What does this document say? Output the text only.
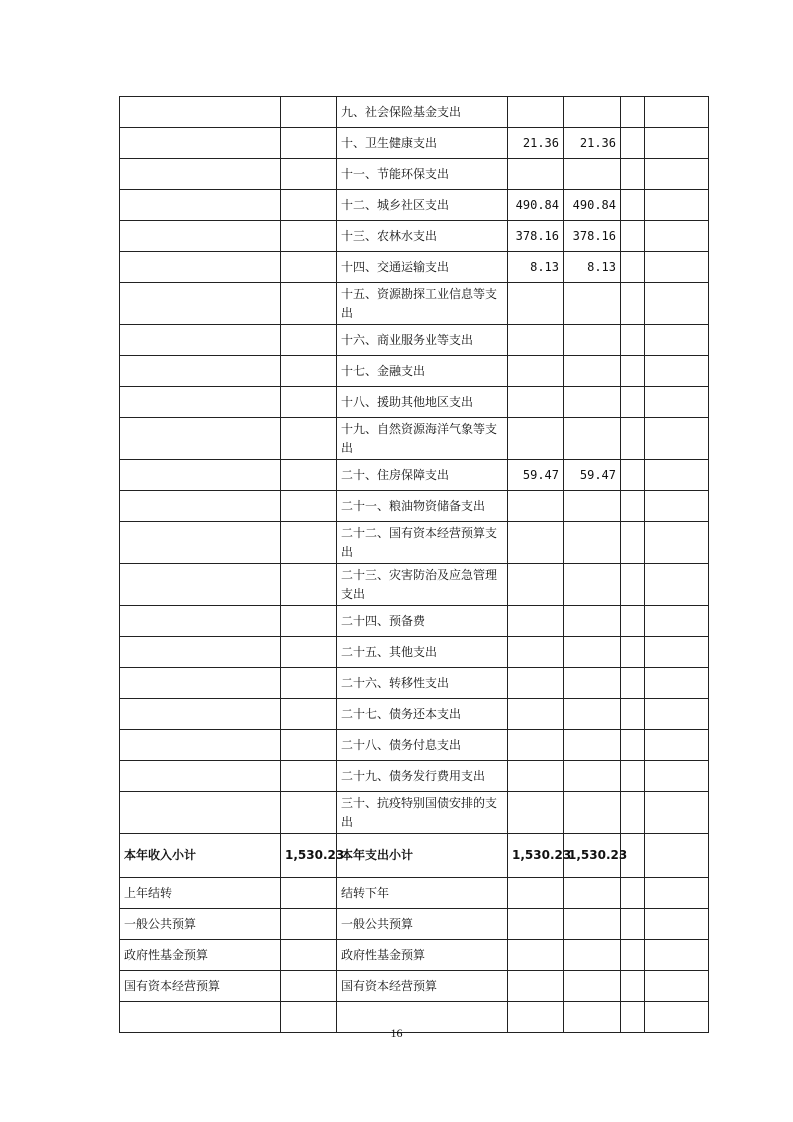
		九、社会保险基金支出				
		十、卫生健康支出	21.36	21.36		
		十一、节能环保支出				
		十二、城乡社区支出	490.84	490.84		
		十三、农林水支出	378.16	378.16		
		十四、交通运输支出	8.13	8.13		
		十五、资源勘探工业信息等支出				
		十六、商业服务业等支出				
		十七、金融支出				
		十八、援助其他地区支出				
		十九、自然资源海洋气象等支出				
		二十、住房保障支出	59.47	59.47		
		二十一、粮油物资储备支出				
		二十二、国有资本经营预算支出				
		二十三、灾害防治及应急管理支出				
		二十四、预备费				
		二十五、其他支出				
		二十六、转移性支出				
		二十七、债务还本支出				
		二十八、债务付息支出				
		二十九、债务发行费用支出				
		三十、抗疫特别国债安排的支出				
本年收入小计	1,530.23	本年支出小计	1,530.23	1,530.23		
上年结转		结转下年				
一般公共预算		一般公共预算				
政府性基金预算		政府性基金预算				
国有资本经营预算		国有资本经营预算				

16
